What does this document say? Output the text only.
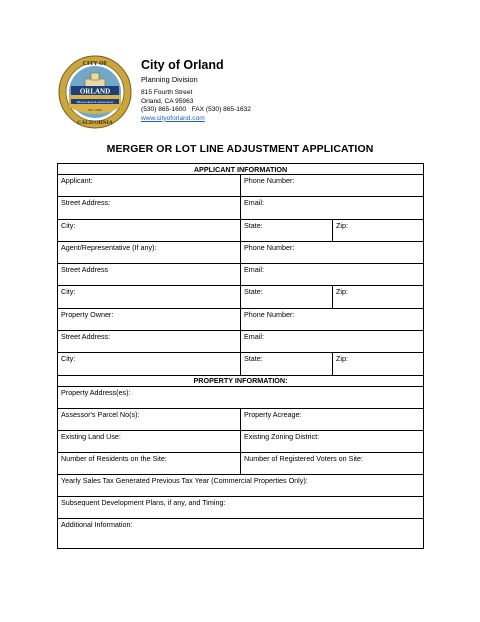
ORLAND
Where Heart & Home Grow
CITY OF
INC. 1909
CALIFORNIA
City of Orland
Planning Division
815 Fourth Street
Orland, CA 95963
(530) 865-1600   FAX (530) 865-1632
www.cityoforland.com
MERGER OR LOT LINE ADJUSTMENT APPLICATION
APPLICANT INFORMATION		
Applicant:	Phone Number:	
Street Address:	Email:	
City:	State:	Zip:
Agent/Representative (If any):	Phone Number:	
Street Address	Email:	
City:	State:	Zip:
Property Owner:	Phone Number:	
Street Address:	Email:	
City:	State:	Zip:
PROPERTY INFORMATION:		
Property Address(es):		
Assessor's Parcel No(s):	Property Acreage:	
Existing Land Use:	Existing Zoning District:	
Number of Residents on the Site:	Number of Registered Voters on Site:	
Yearly Sales Tax Generated Previous Tax Year (Commercial Properties Only):		
Subsequent Development Plans, if any, and Timing:		
Additional Information:		
